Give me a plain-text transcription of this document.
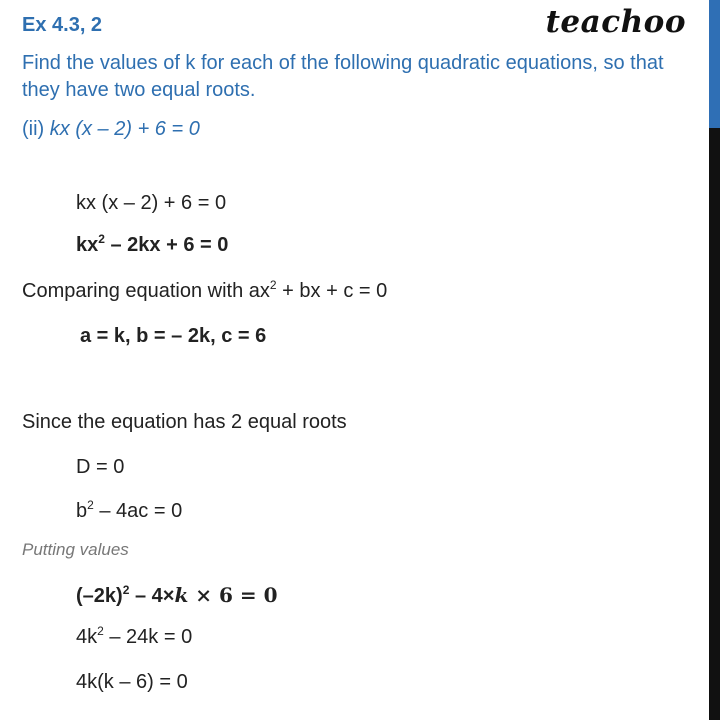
Ex 4.3, 2	teachoo
Find the values of k for each of the following quadratic equations, so that they have two equal roots.
(ii) kx (x – 2) + 6 = 0
kx (x – 2) + 6 = 0
$kx^2 - 2kx + 6 = 0$
Comparing equation with $ax^2$ + bx + c = 0
a = k, b = – 2k, c = 6
Since the equation has 2 equal roots
D = 0
$b^2 - 4ac = 0$
Putting values
$(-2k)^2 - 4\times k \times 6 = 0$
$4k^2 - 24k = 0$
4k(k – 6) = 0
